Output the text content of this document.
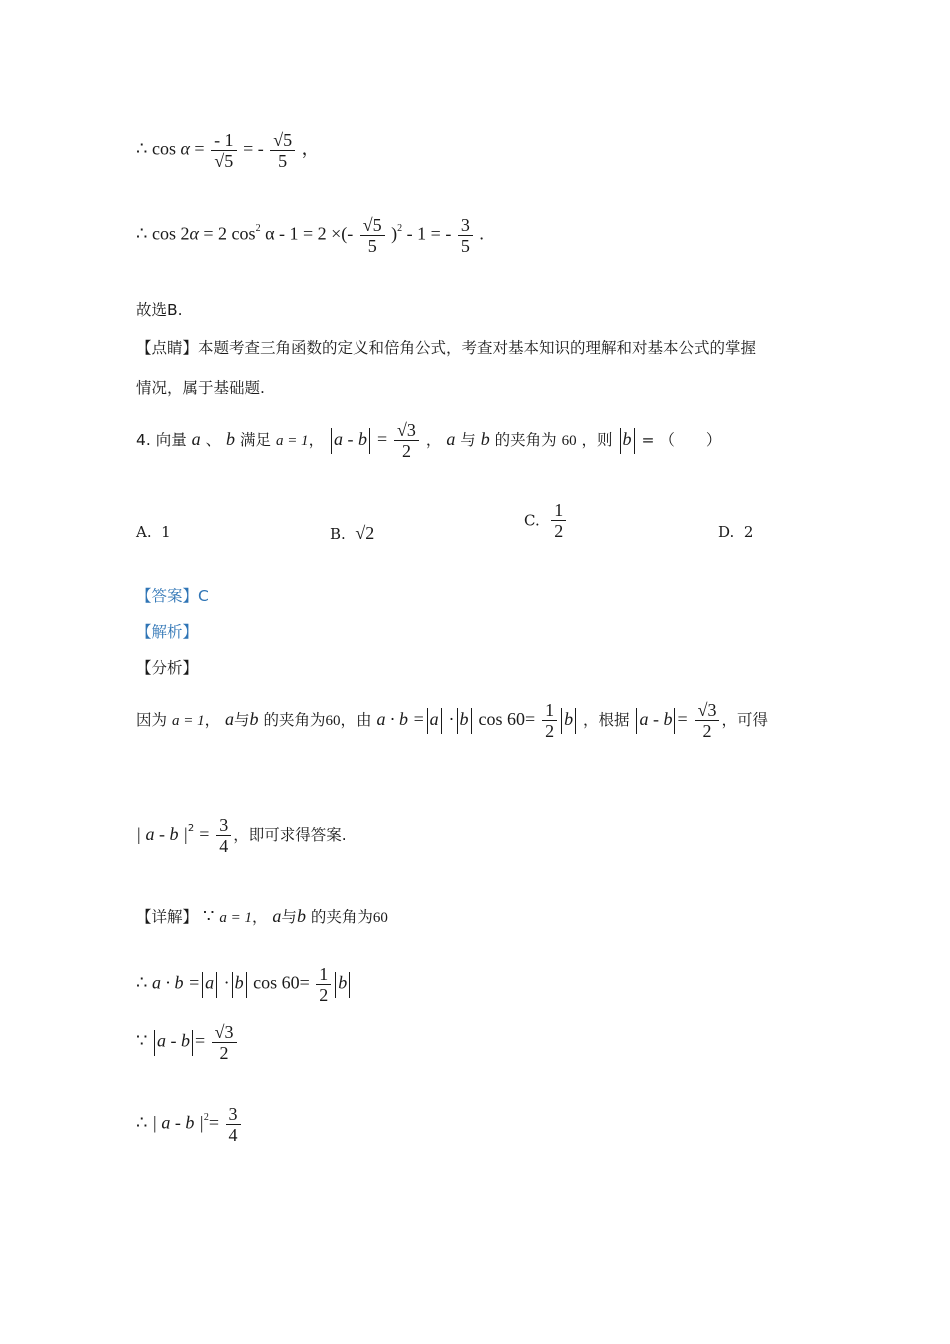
∴ $\cos \alpha = \frac{- 1}{√5}$ = - $\frac{√5}{5}$ ，
∴ cos 2α = 2 $\cos^2 \alpha - 1 = 2$ ×(- $\frac{√5}{5} )^2 - 1$ = - $\frac{3}{5}$ .
故选B.
【点睛】本题考查三角函数的定义和倍角公式，考查对基本知识的理解和对基本公式的掌握
情况，属于基础题.
4. 向量 a 、 b 满足 a = 1， $a - b = \frac{√3}{2}$ ， a 与 b 的夹角为 60 ，则 b = （　　）
A. 1	B. √2
C. $\frac{1}{2}$	D. 2
【答案】C
【解析】
【分析】
因为 a = 1， a与b 的夹角为60，由 a · b = a · b $\cos 60= \frac{1}{2}$ b ，根据 $a - b = \frac{√3}{2}$ ，可得
| a - b $|^2 = \frac{3}{4}$ ，即可求得答案.
【详解】 ∵ a = 1， a与b 的夹角为60
∴ a · b = a · b $\cos 60= \frac{1}{2}$ b
∵ $a - b = \frac{√3}{2}$
∴ | a - b $|^2= \frac{3}{4}$
